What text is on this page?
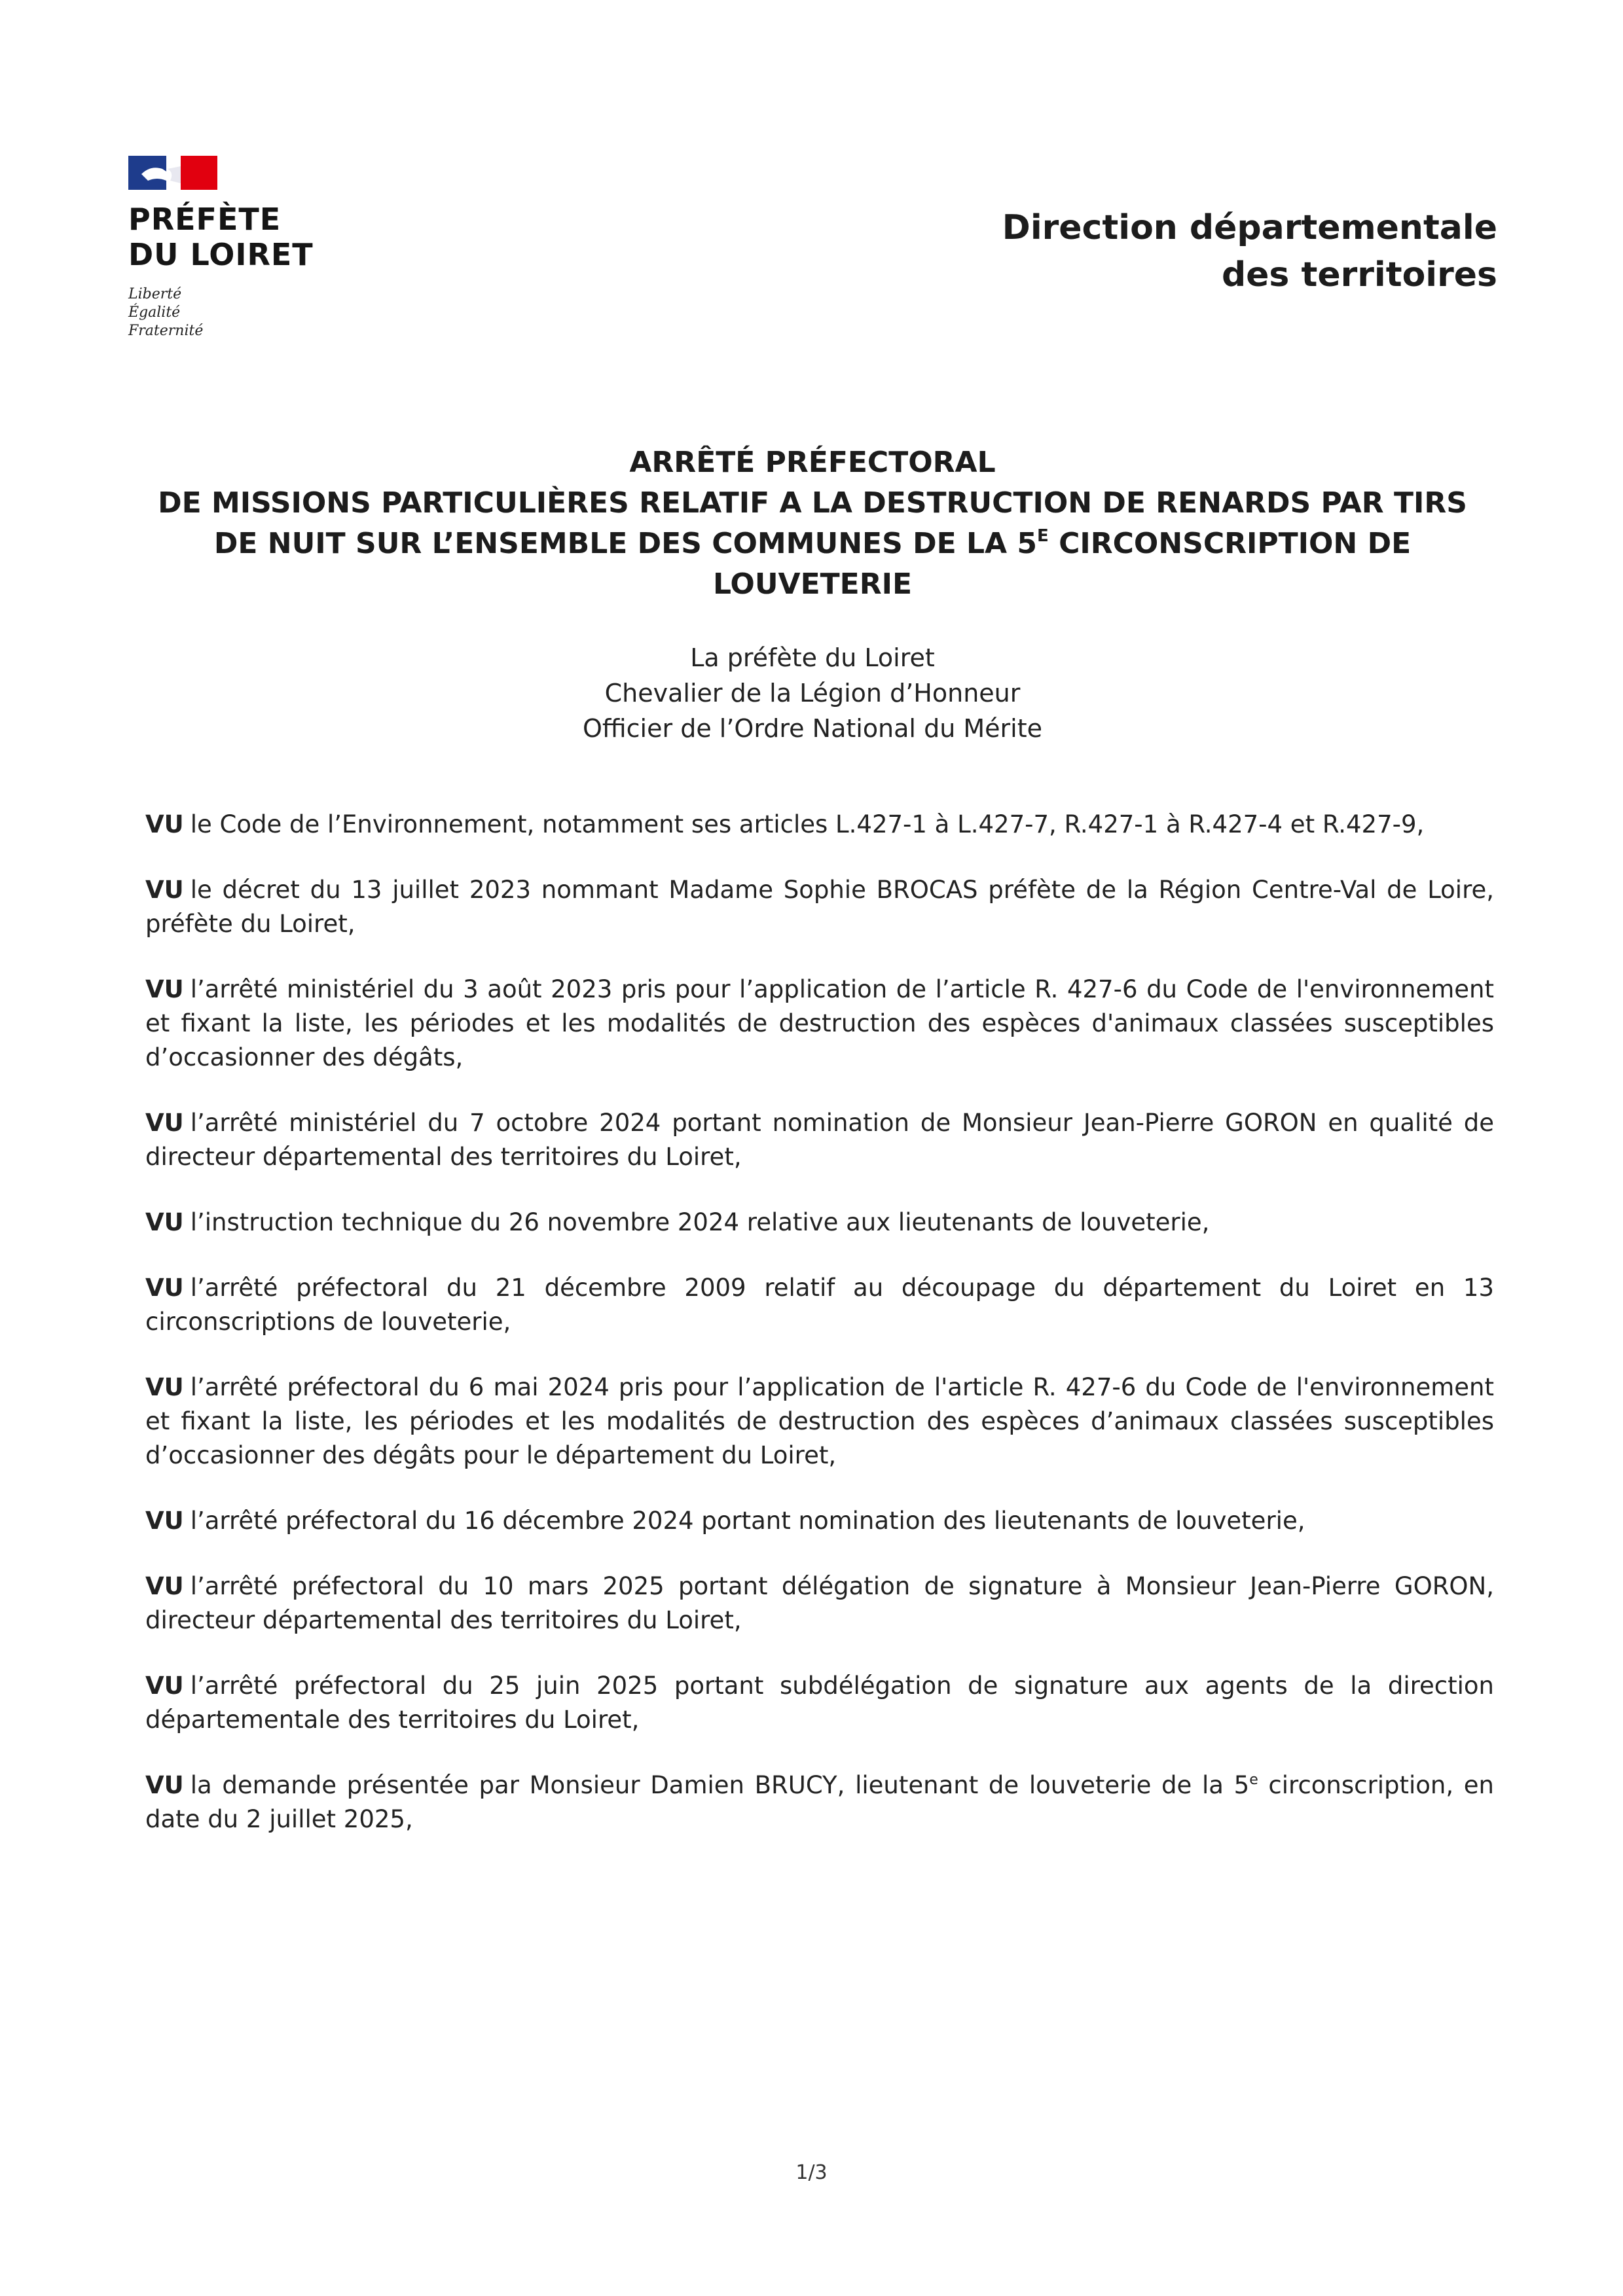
PRÉFÈTE
DU LOIRET
Liberté
Égalité
Fraternité
Direction départementale
des territoires
ARRÊTÉ PRÉFECTORAL
DE MISSIONS PARTICULIÈRES RELATIF A LA DESTRUCTION DE RENARDS PAR TIRS
DE NUIT SUR L’ENSEMBLE DES COMMUNES DE LA $5^E$ CIRCONSCRIPTION DE
LOUVETERIE
La préfète du Loiret
Chevalier de la Légion d’Honneur
Officier de l’Ordre National du Mérite

VU le Code de l’Environnement, notamment ses articles L.427-1 à L.427-7, R.427-1 à R.427-4 et R.427-9,

VU le décret du 13 juillet 2023 nommant Madame Sophie BROCAS préfète de la Région Centre-Val de Loire, préfète du Loiret,

VU l’arrêté ministériel du 3 août 2023 pris pour l’application de l’article R. 427-6 du Code de l'environnement et fixant la liste, les périodes et les modalités de destruction des espèces d'animaux classées susceptibles d’occasionner des dégâts,

VU l’arrêté ministériel du 7 octobre 2024 portant nomination de Monsieur Jean-Pierre GORON en qualité de directeur départemental des territoires du Loiret,

VU l’instruction technique du 26 novembre 2024 relative aux lieutenants de louveterie,

VU l’arrêté préfectoral du 21 décembre 2009 relatif au découpage du département du Loiret en 13 circonscriptions de louveterie,

VU l’arrêté préfectoral du 6 mai 2024 pris pour l’application de l'article R. 427-6 du Code de l'environnement et fixant la liste, les périodes et les modalités de destruction des espèces d’animaux classées susceptibles d’occasionner des dégâts pour le département du Loiret,

VU l’arrêté préfectoral du 16 décembre 2024 portant nomination des lieutenants de louveterie,

VU l’arrêté préfectoral du 10 mars 2025 portant délégation de signature à Monsieur Jean-Pierre GORON, directeur départemental des territoires du Loiret,

VU l’arrêté préfectoral du 25 juin 2025 portant subdélégation de signature aux agents de la direction départementale des territoires du Loiret,

VU la demande présentée par Monsieur Damien BRUCY, lieutenant de louveterie de la 5e circonscription, en date du 2 juillet 2025,

1/3
